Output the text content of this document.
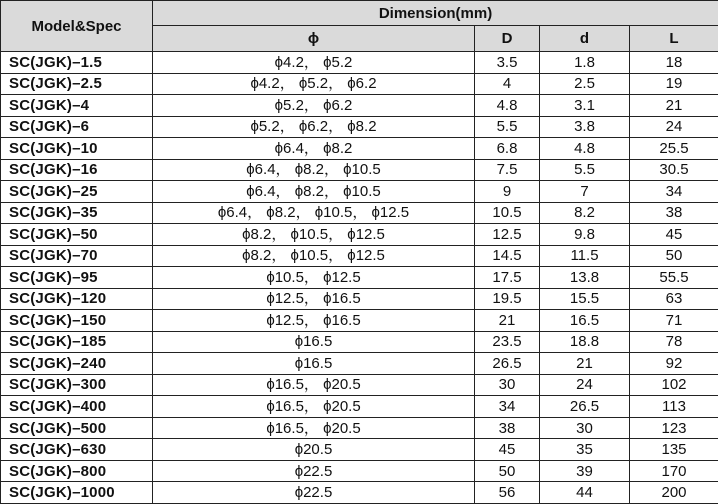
Model&Spec	Dimension(mm)			
	ϕ	D	d	L
SC(JGK)–1.5	ϕ4.2， ϕ5.2	3.5	1.8	18
SC(JGK)–2.5	ϕ4.2， ϕ5.2， ϕ6.2	4	2.5	19
SC(JGK)–4	ϕ5.2， ϕ6.2	4.8	3.1	21
SC(JGK)–6	ϕ5.2， ϕ6.2， ϕ8.2	5.5	3.8	24
SC(JGK)–10	ϕ6.4， ϕ8.2	6.8	4.8	25.5
SC(JGK)–16	ϕ6.4， ϕ8.2， ϕ10.5	7.5	5.5	30.5
SC(JGK)–25	ϕ6.4， ϕ8.2， ϕ10.5	9	7	34
SC(JGK)–35	ϕ6.4， ϕ8.2， ϕ10.5， ϕ12.5	10.5	8.2	38
SC(JGK)–50	ϕ8.2， ϕ10.5， ϕ12.5	12.5	9.8	45
SC(JGK)–70	ϕ8.2， ϕ10.5， ϕ12.5	14.5	11.5	50
SC(JGK)–95	ϕ10.5， ϕ12.5	17.5	13.8	55.5
SC(JGK)–120	ϕ12.5， ϕ16.5	19.5	15.5	63
SC(JGK)–150	ϕ12.5， ϕ16.5	21	16.5	71
SC(JGK)–185	ϕ16.5	23.5	18.8	78
SC(JGK)–240	ϕ16.5	26.5	21	92
SC(JGK)–300	ϕ16.5， ϕ20.5	30	24	102
SC(JGK)–400	ϕ16.5， ϕ20.5	34	26.5	113
SC(JGK)–500	ϕ16.5， ϕ20.5	38	30	123
SC(JGK)–630	ϕ20.5	45	35	135
SC(JGK)–800	ϕ22.5	50	39	170
SC(JGK)–1000	ϕ22.5	56	44	200
